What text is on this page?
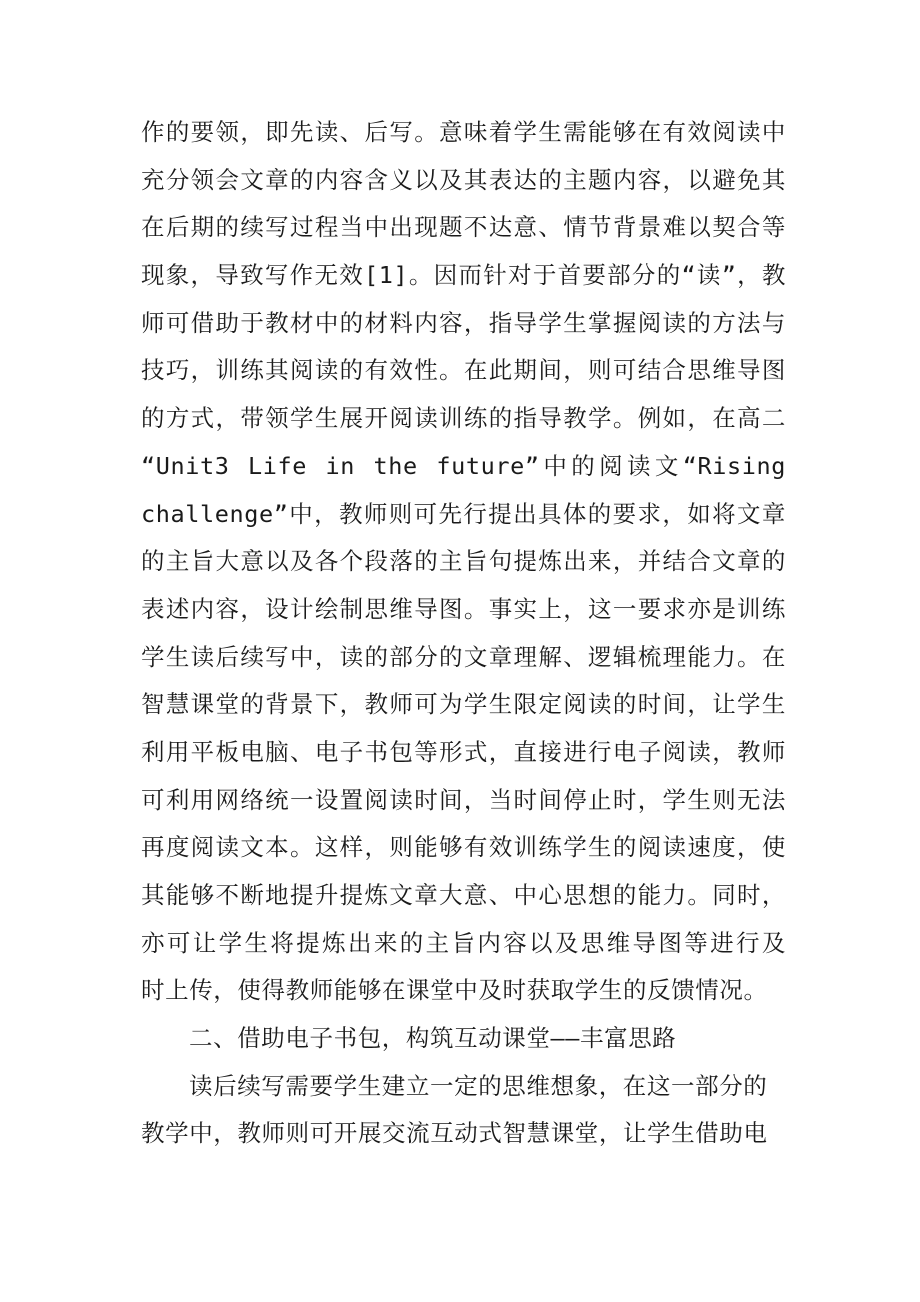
作的要领，即先读、后写。意味着学生需能够在有效阅读中
充分领会文章的内容含义以及其表达的主题内容，以避免其
在后期的续写过程当中出现题不达意、情节背景难以契合等
现象，导致写作无效[1]。因而针对于首要部分的“读”，教
师可借助于教材中的材料内容，指导学生掌握阅读的方法与
技巧，训练其阅读的有效性。在此期间，则可结合思维导图
的方式，带领学生展开阅读训练的指导教学。例如，在高二
“Unit3 Life in the future”中的阅读文“Rising
challenge”中，教师则可先行提出具体的要求，如将文章
的主旨大意以及各个段落的主旨句提炼出来，并结合文章的
表述内容，设计绘制思维导图。事实上，这一要求亦是训练
学生读后续写中，读的部分的文章理解、逻辑梳理能力。在
智慧课堂的背景下，教师可为学生限定阅读的时间，让学生
利用平板电脑、电子书包等形式，直接进行电子阅读，教师
可利用网络统一设置阅读时间，当时间停止时，学生则无法
再度阅读文本。这样，则能够有效训练学生的阅读速度，使
其能够不断地提升提炼文章大意、中心思想的能力。同时，
亦可让学生将提炼出来的主旨内容以及思维导图等进行及
时上传，使得教师能够在课堂中及时获取学生的反馈情况。
二、借助电子书包，构筑互动课堂——丰富思路
读后续写需要学生建立一定的思维想象，在这一部分的
教学中，教师则可开展交流互动式智慧课堂，让学生借助电
